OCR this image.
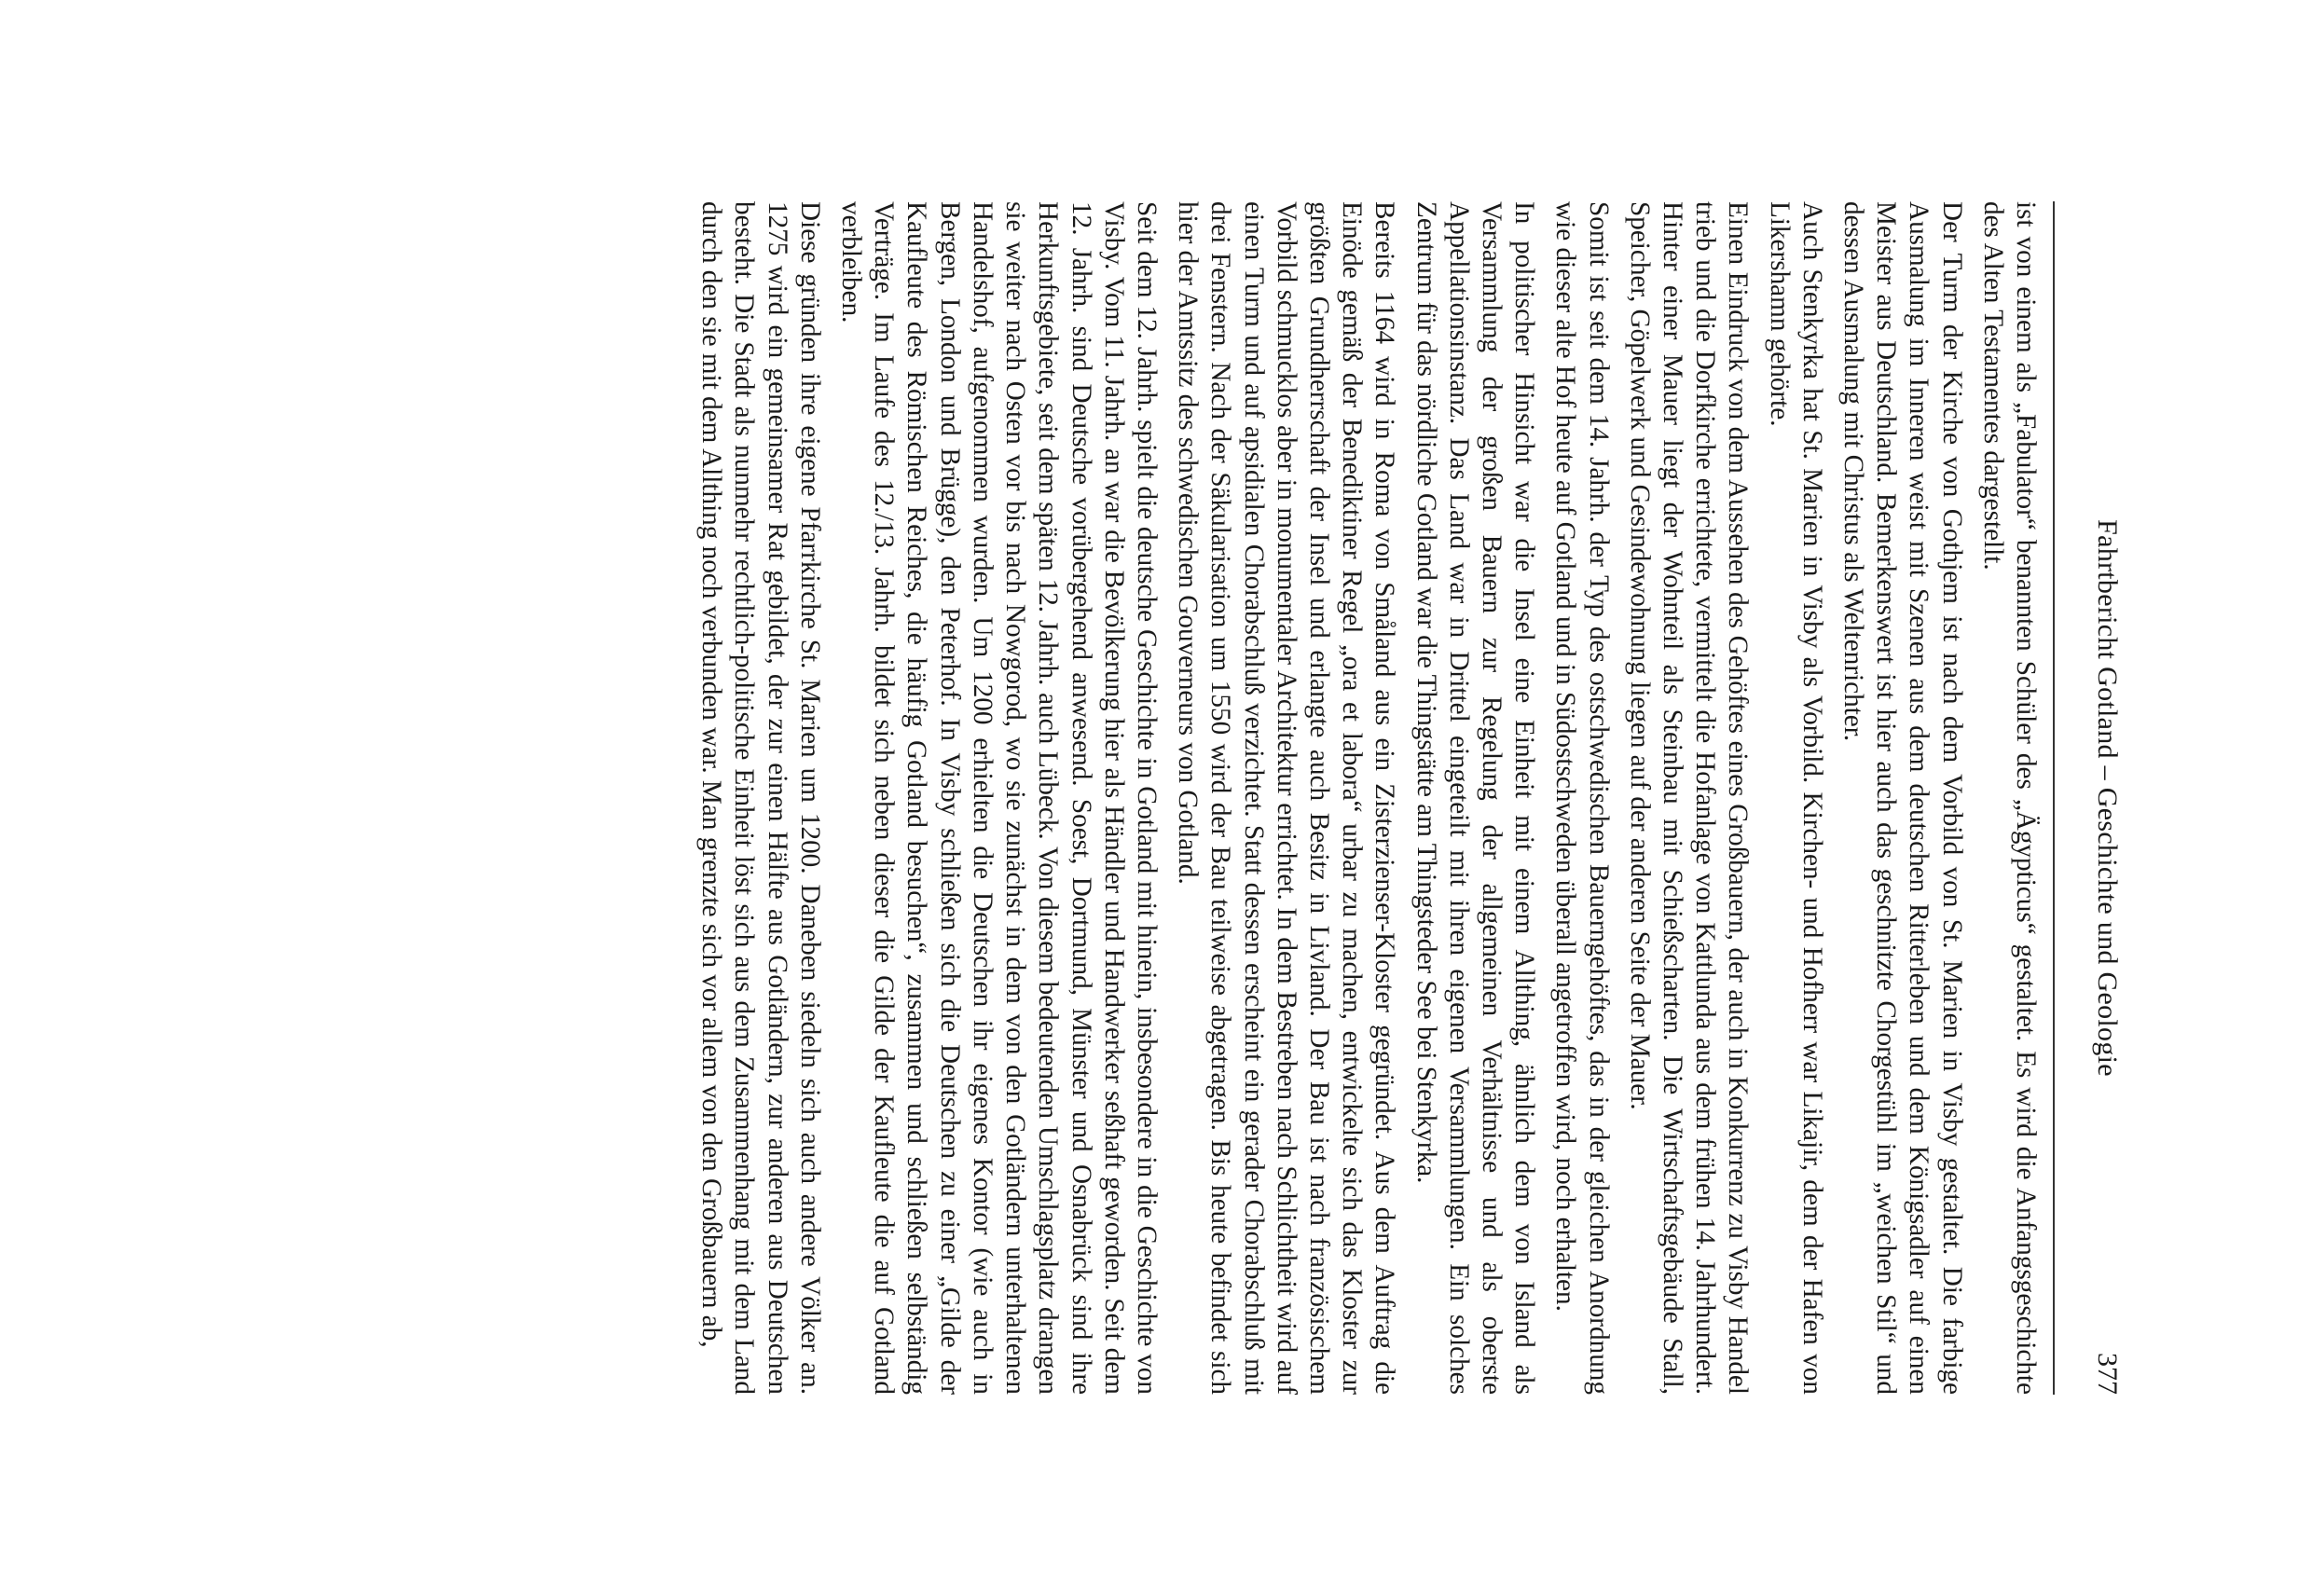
Fahrtbericht Gotland – Geschichte und Geologie
377

ist von einem als „Fabulator“ benannten Schüler des „Ägypticus“ gestaltet. Es wird die Anfangsgeschichte des Alten Testamentes dargestellt.

Der Turm der Kirche von Gothjem ist nach dem Vorbild von St. Marien in Visby gestaltet. Die farbige Ausmalung im Inneren weist mit Szenen aus dem deutschen Ritterleben und dem Königsadler auf einen Meister aus Deutschland. Bemerkenswert ist hier auch das geschnitzte Chorgestühl im „weichen Stil“ und dessen Ausmalung mit Christus als Weltenrichter.

Auch Stenkyrka hat St. Marien in Visby als Vorbild. Kirchen- und Hofherr war Likajir, dem der Hafen von Likershamn gehörte.

Einen Eindruck von dem Aussehen des Gehöftes eines Großbauern, der auch in Konkurrenz zu Visby Handel trieb und die Dorfkirche errichtete, vermittelt die Hofanlage von Kattlunda aus dem frühen 14. Jahrhundert. Hinter einer Mauer liegt der Wohnteil als Steinbau mit Schießscharten. Die Wirtschaftsgebäude Stall, Speicher, Göpelwerk und Gesindewohnung liegen auf der anderen Seite der Mauer.

Somit ist seit dem 14. Jahrh. der Typ des ostschwedischen Bauerngehöftes, das in der gleichen Anordnung wie dieser alte Hof heute auf Gotland und in Südostschweden überall angetroffen wird, noch erhalten.

In politischer Hinsicht war die Insel eine Einheit mit einem Allthing, ähnlich dem von Island als Versammlung der großen Bauern zur Regelung der allgemeinen Verhältnisse und als oberste Appellationsinstanz. Das Land war in Drittel eingeteilt mit ihren eigenen Versammlungen. Ein solches Zentrum für das nördliche Gotland war die Thingstätte am Thingsteder See bei Stenkyrka.

Bereits 1164 wird in Roma von Småland aus ein Zisterzienser-Kloster gegründet. Aus dem Auftrag die Einöde gemäß der Benediktiner Regel „ora et labora“ urbar zu machen, entwickelte sich das Kloster zur größten Grundherrschaft der Insel und erlangte auch Besitz in Livland. Der Bau ist nach französischem Vorbild schmucklos aber in monumentaler Architektur errichtet. In dem Bestreben nach Schlichtheit wird auf einen Turm und auf apsidialen Chorabschluß verzichtet. Statt dessen erscheint ein gerader Chorabschluß mit drei Fenstern. Nach der Säkularisation um 1550 wird der Bau teilweise abgetragen. Bis heute befindet sich hier der Amtssitz des schwedischen Gouverneurs von Gotland.

Seit dem 12. Jahrh. spielt die deutsche Geschichte in Gotland mit hinein, insbesondere in die Geschichte von Visby. Vom 11. Jahrh. an war die Bevölkerung hier als Händler und Handwerker seßhaft geworden. Seit dem 12. Jahrh. sind Deutsche vorübergehend anwesend. Soest, Dortmund, Münster und Osnabrück sind ihre Herkunftsgebiete, seit dem späten 12. Jahrh. auch Lübeck. Von diesem bedeutenden Umschlagsplatz drangen sie weiter nach Osten vor bis nach Nowgorod, wo sie zunächst in dem von den Gotländern unterhaltenen Handelshof, aufgenommen wurden. Um 1200 erhielten die Deutschen ihr eigenes Kontor (wie auch in Bergen, London und Brügge), den Peterhof. In Visby schließen sich die Deutschen zu einer „Gilde der Kaufleute des Römischen Reiches, die häufig Gotland besuchen“, zusammen und schließen selbständig Verträge. Im Laufe des 12./13. Jahrh. bildet sich neben dieser die Gilde der Kaufleute die auf Gotland verbleiben.

Diese gründen ihre eigene Pfarrkirche St. Marien um 1200. Daneben siedeln sich auch andere Völker an. 1275 wird ein gemeinsamer Rat gebildet, der zur einen Hälfte aus Gotländern, zur anderen aus Deutschen besteht. Die Stadt als nunmehr rechtlich-politische Einheit löst sich aus dem Zusammenhang mit dem Land durch den sie mit dem Allthing noch verbunden war. Man grenzte sich vor allem von den Großbauern ab,
